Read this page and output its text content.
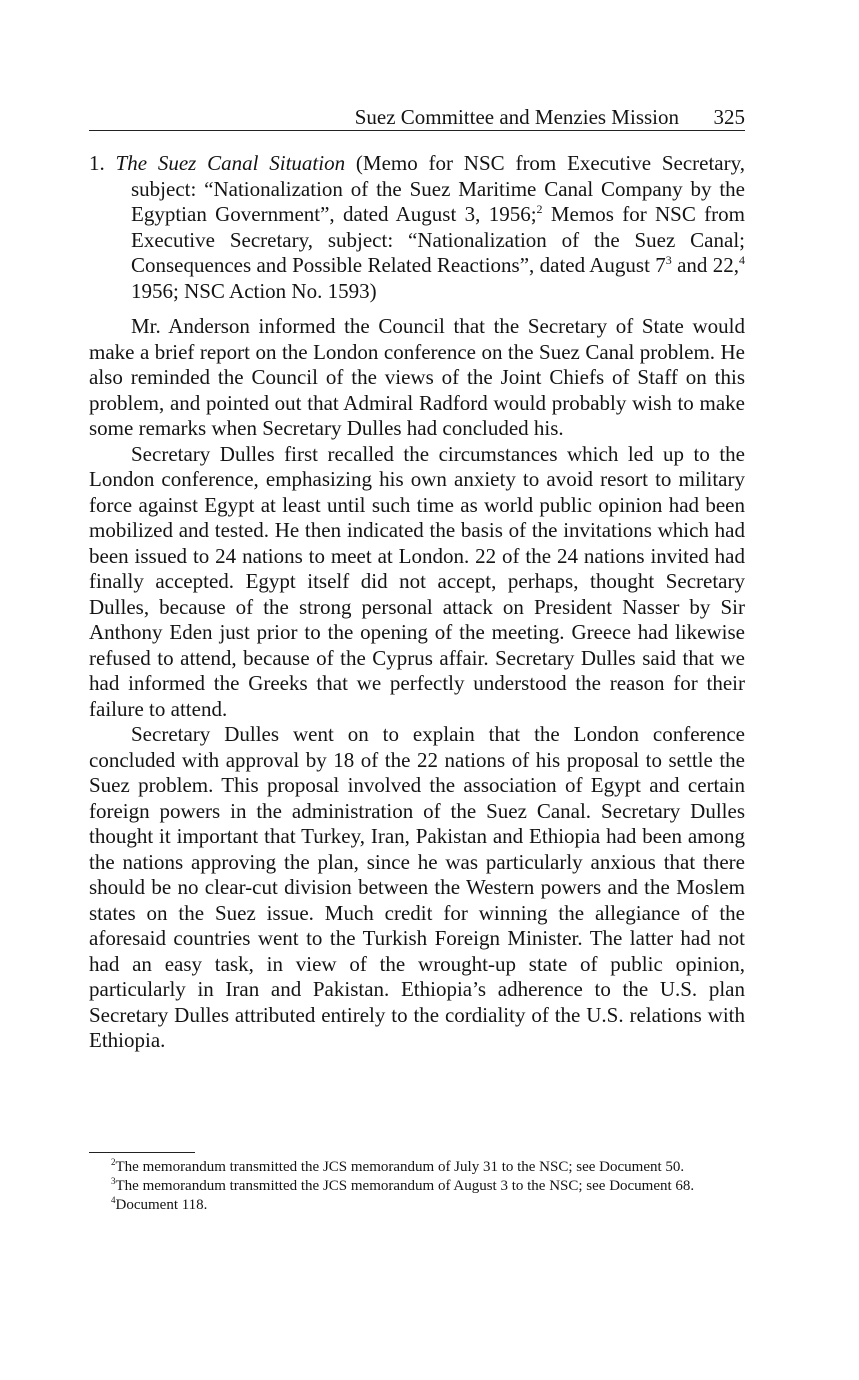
Suez Committee and Menzies Mission 325

1. The Suez Canal Situation (Memo for NSC from Executive Secretary, subject: “Nationalization of the Suez Maritime Canal Company by the Egyptian Government”, dated August 3, 1956;$^2$ Memos for NSC from Executive Secretary, subject: “Nationalization of the Suez Canal; Consequences and Possible Related Reactions”, dated August $7^3$ and 22,$^4$ 1956; NSC Action No. 1593)

Mr. Anderson informed the Council that the Secretary of State would make a brief report on the London conference on the Suez Canal problem. He also reminded the Council of the views of the Joint Chiefs of Staff on this problem, and pointed out that Admiral Radford would probably wish to make some remarks when Secretary Dulles had concluded his.

Secretary Dulles first recalled the circumstances which led up to the London conference, emphasizing his own anxiety to avoid resort to military force against Egypt at least until such time as world public opinion had been mobilized and tested. He then indicated the basis of the invitations which had been issued to 24 nations to meet at London. 22 of the 24 nations invited had finally accepted. Egypt itself did not accept, perhaps, thought Secretary Dulles, because of the strong personal attack on President Nasser by Sir Anthony Eden just prior to the opening of the meeting. Greece had likewise refused to attend, because of the Cyprus affair. Secretary Dulles said that we had informed the Greeks that we perfectly understood the reason for their failure to attend.

Secretary Dulles went on to explain that the London conference concluded with approval by 18 of the 22 nations of his proposal to settle the Suez problem. This proposal involved the association of Egypt and certain foreign powers in the administration of the Suez Canal. Secretary Dulles thought it important that Turkey, Iran, Pakistan and Ethiopia had been among the nations approving the plan, since he was particularly anxious that there should be no clear-cut division between the Western powers and the Moslem states on the Suez issue. Much credit for winning the allegiance of the aforesaid countries went to the Turkish Foreign Minister. The latter had not had an easy task, in view of the wrought-up state of public opinion, particularly in Iran and Pakistan. Ethiopia’s adherence to the U.S. plan Secretary Dulles attributed entirely to the cordiality of the U.S. relations with Ethiopia.

$^2$The memorandum transmitted the JCS memorandum of July 31 to the NSC; see Document 50.

$^3$The memorandum transmitted the JCS memorandum of August 3 to the NSC; see Document 68.

$^4$Document 118.
